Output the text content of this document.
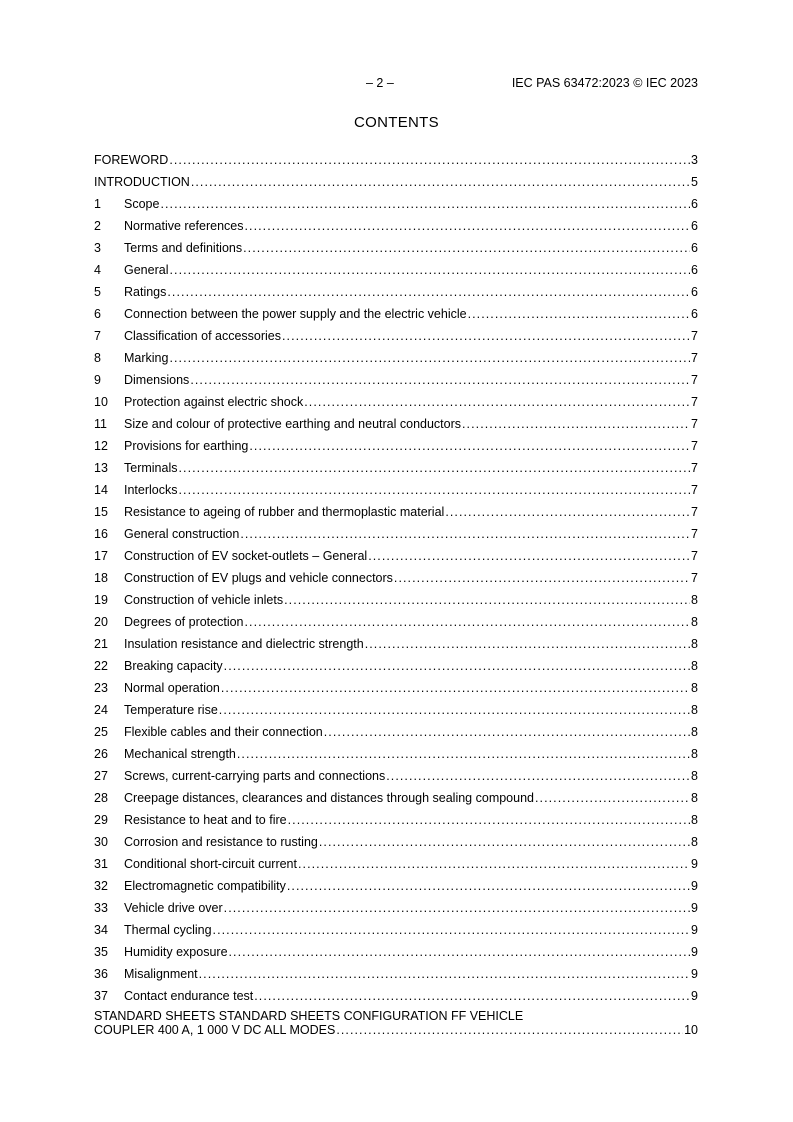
– 2 –	IEC PAS 63472:2023 © IEC 2023
CONTENTS
FOREWORD . . .	3
INTRODUCTION . . .	5
1	Scope . . .	6
2	Normative references . . .	6
3	Terms and definitions . . .	6
4	General . . .	6
5	Ratings . . .	6
6	Connection between the power supply and the electric vehicle . . .	6
7	Classification of accessories . . .	7
8	Marking . . .	7
9	Dimensions . . .	7
10	Protection against electric shock . . .	7
11	Size and colour of protective earthing and neutral conductors . . .	7
12	Provisions for earthing . . .	7
13	Terminals . . .	7
14	Interlocks . . .	7
15	Resistance to ageing of rubber and thermoplastic material . . .	7
16	General construction . . .	7
17	Construction of EV socket-outlets – General . . .	7
18	Construction of EV plugs and vehicle connectors . . .	7
19	Construction of vehicle inlets . . .	8
20	Degrees of protection . . .	8
21	Insulation resistance and dielectric strength . . .	8
22	Breaking capacity . . .	8
23	Normal operation . . .	8
24	Temperature rise . . .	8
25	Flexible cables and their connection . . .	8
26	Mechanical strength . . .	8
27	Screws, current-carrying parts and connections . . .	8
28	Creepage distances, clearances and distances through sealing compound . . .	8
29	Resistance to heat and to fire . . .	8
30	Corrosion and resistance to rusting . . .	8
31	Conditional short-circuit current . . .	9
32	Electromagnetic compatibility . . .	9
33	Vehicle drive over . . .	9
34	Thermal cycling . . .	9
35	Humidity exposure . . .	9
36	Misalignment . . .	9
37	Contact endurance test . . .	9
STANDARD SHEETS STANDARD SHEETS CONFIGURATION FF VEHICLE
COUPLER 400 A, 1 000 V DC ALL MODES . . .	10
